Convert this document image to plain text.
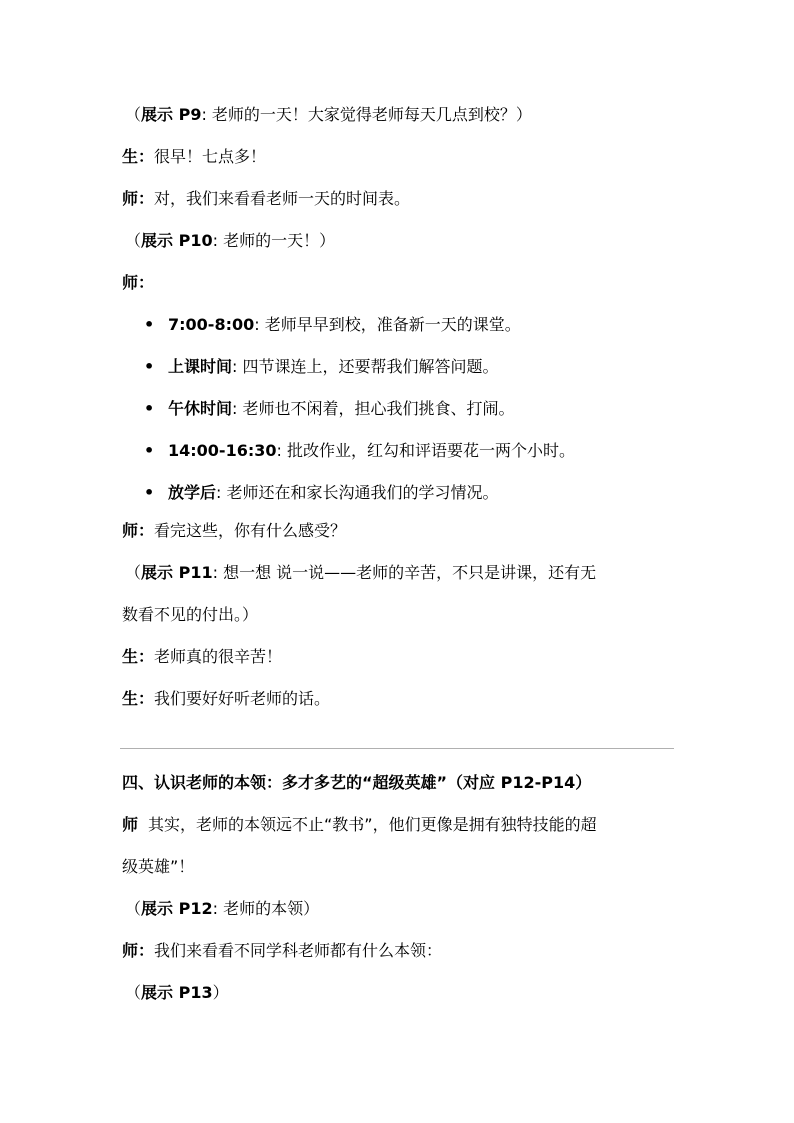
（展示 P9: 老师的一天！大家觉得老师每天几点到校？）
生：很早！七点多！
师：对，我们来看看老师一天的时间表。
（展示 P10: 老师的一天！）
师：
• 7:00-8:00: 老师早早到校，准备新一天的课堂。
• 上课时间: 四节课连上，还要帮我们解答问题。
• 午休时间: 老师也不闲着，担心我们挑食、打闹。
• 14:00-16:30: 批改作业，红勾和评语要花一两个小时。
• 放学后: 老师还在和家长沟通我们的学习情况。
师：看完这些，你有什么感受？
（展示 P11: 想一想 说一说——老师的辛苦，不只是讲课，还有无
数看不见的付出。）
生：老师真的很辛苦！
生：我们要好好听老师的话。
四、认识老师的本领：多才多艺的“超级英雄”（对应 P12-P14）
师 其实，老师的本领远不止“教书”，他们更像是拥有独特技能的超
级英雄”！
（展示 P12: 老师的本领）
师：我们来看看不同学科老师都有什么本领：
（展示 P13）
